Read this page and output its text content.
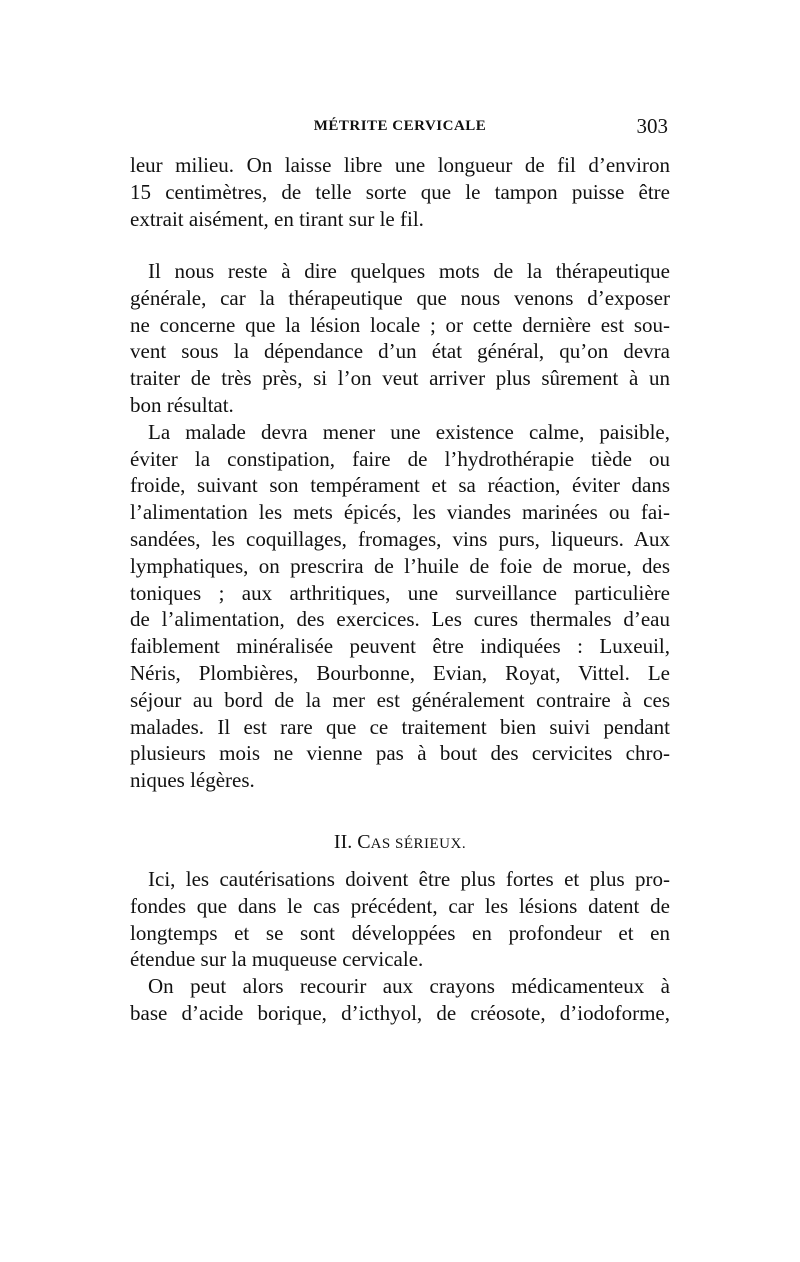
MÉTRITE CERVICALE	303
leur milieu. On laisse libre une longueur de fil d’environ
15 centimètres, de telle sorte que le tampon puisse être
extrait aisément, en tirant sur le fil.
Il nous reste à dire quelques mots de la thérapeutique
générale, car la thérapeutique que nous venons d’exposer
ne concerne que la lésion locale ; or cette dernière est sou-
vent sous la dépendance d’un état général, qu’on devra
traiter de très près, si l’on veut arriver plus sûrement à un
bon résultat.
La malade devra mener une existence calme, paisible,
éviter la constipation, faire de l’hydrothérapie tiède ou
froide, suivant son tempérament et sa réaction, éviter dans
l’alimentation les mets épicés, les viandes marinées ou fai-
sandées, les coquillages, fromages, vins purs, liqueurs. Aux
lymphatiques, on prescrira de l’huile de foie de morue, des
toniques ; aux arthritiques, une surveillance particulière
de l’alimentation, des exercices. Les cures thermales d’eau
faiblement minéralisée peuvent être indiquées : Luxeuil,
Néris, Plombières, Bourbonne, Evian, Royat, Vittel. Le
séjour au bord de la mer est généralement contraire à ces
malades. Il est rare que ce traitement bien suivi pendant
plusieurs mois ne vienne pas à bout des cervicites chro-
niques légères.
II. CAS SÉRIEUX.
Ici, les cautérisations doivent être plus fortes et plus pro-
fondes que dans le cas précédent, car les lésions datent de
longtemps et se sont développées en profondeur et en
étendue sur la muqueuse cervicale.
On peut alors recourir aux crayons médicamenteux à
base d’acide borique, d’icthyol, de créosote, d’iodoforme,
